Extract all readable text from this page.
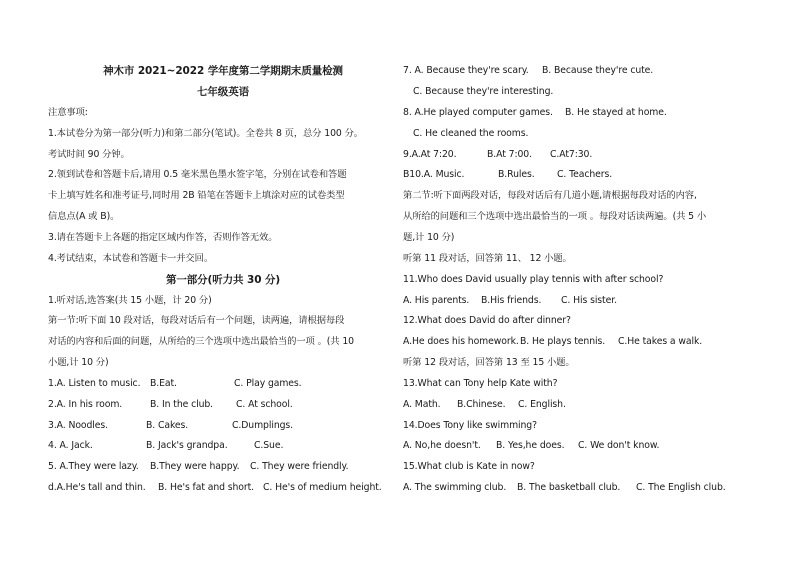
神木市 2021~2022 学年度第二学期期末质量检测
七年级英语
注意事项:
1.本试卷分为第一部分(听力)和第二部分(笔试)。全卷共 8 页，总分 100 分。
考试时间 90 分钟。
2.领到试卷和答题卡后,请用 0.5 毫米黑色墨水签字笔，分别在试卷和答题
卡上填写姓名和准考证号,同时用 2B 铅笔在答题卡上填涂对应的试卷类型
信息点(A 或 B)。
3.请在答题卡上各题的指定区域内作答，否则作答无效。
4.考试结束，本试卷和答题卡一并交回。
第一部分(听力共 30 分)
1.听对话,选答案(共 15 小题，计 20 分)
第一节:听下面 10 段对话，每段对话后有一个问题，读两遍，请根据每段
对话的内容和后面的问题，从所给的三个选项中选出最恰当的一项 。(共 10
小题,计 10 分)
1.A. Listen to music. B.Eat.	C. Play games.
2.A. In his room.	B. In the club. C. At school.
3.A. Noodles.	B. Cakes.	C.Dumplings.
4. A. Jack.	B. Jack's grandpa.	C.Sue.
5. A.They were lazy. B.They were happy. C. They were friendly.
d.A.He's tall and thin. B. He's fat and short. C. He's of medium height.
7. A. Because they're scary. B. Because they're cute.
C. Because they're interesting.
8. A.He played computer games. B. He stayed at home.
C. He cleaned the rooms.
9.A.At 7:20.	B.At 7:00. C.At7:30.
B10.A. Music.	B.Rules. C. Teachers.
第二节:听下面两段对话，每段对话后有几道小题,请根据每段对话的内容,
从所给的问题和三个选项中选出最恰当的一项 。每段对话读两遍。(共 5 小
题,计 10 分)
听第 11 段对话，回答第 11、 12 小题。
11.Who does David usually play tennis with after school?
A. His parents. B.His friends. C. His sister.
12.What does David do after dinner?
A.He does his homework.B. He plays tennis. C.He takes a walk.
听第 12 段对话，回答第 13 至 15 小题。
13.What can Tony help Kate with?
A. Math. B.Chinese. C. English.
14.Does Tony like swimming?
A. No,he doesn't. B. Yes,he does. C. We don't know.
15.What club is Kate in now?
A. The swimming club. B. The basketball club. C. The English club.
